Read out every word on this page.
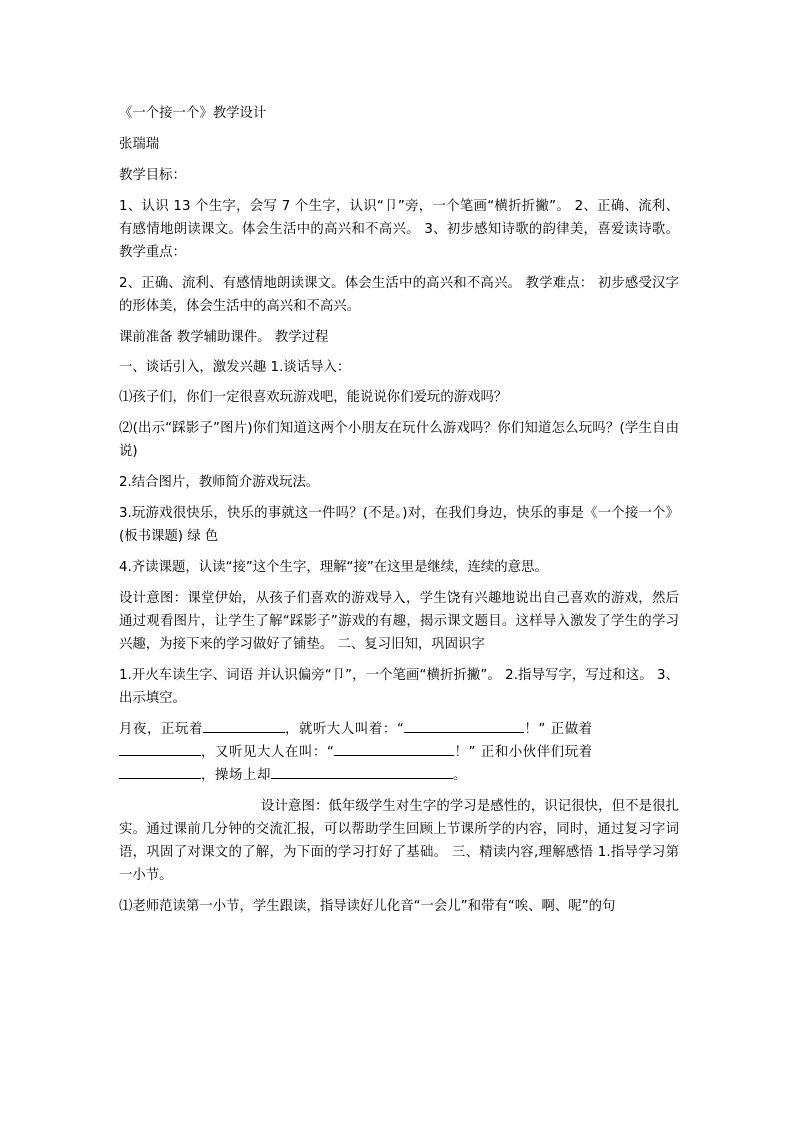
《一个接一个》教学设计
张瑞瑞
教学目标：
1、认识 13 个生字，会写 7 个生字，认识“卩”旁，一个笔画“横折折撇”。 2、正确、流利、有感情地朗读课文。体会生活中的高兴和不高兴。 3、初步感知诗歌的韵律美，喜爱读诗歌。 教学重点：
2、正确、流利、有感情地朗读课文。体会生活中的高兴和不高兴。 教学难点： 初步感受汉字的形体美，体会生活中的高兴和不高兴。
课前准备 教学辅助课件。 教学过程
一、谈话引入，激发兴趣 1.谈话导入：
⑴孩子们，你们一定很喜欢玩游戏吧，能说说你们爱玩的游戏吗？
⑵(出示“踩影子”图片)你们知道这两个小朋友在玩什么游戏吗？你们知道怎么玩吗？(学生自由说)
2.结合图片，教师简介游戏玩法。
3.玩游戏很快乐，快乐的事就这一件吗？(不是。)对，在我们身边，快乐的事是《一个接一个》 (板书课题) 绿 色
4.齐读课题，认读“接”这个生字，理解“接”在这里是继续，连续的意思。
设计意图：课堂伊始，从孩子们喜欢的游戏导入，学生饶有兴趣地说出自己喜欢的游戏，然后通过观看图片，让学生了解“踩影子”游戏的有趣，揭示课文题目。这样导入激发了学生的学习兴趣，为接下来的学习做好了铺垫。 二、复习旧知，巩固识字
1.开火车读生字、词语 并认识偏旁“卩”，一个笔画“横折折撇”。 2.指导写字，写过和这。 3、出示填空。
月夜，正玩着	，就听大人叫着：“	！” 正做着
，又听见大人在叫：“	！” 正和小伙伴们玩着
，操场上却	。
设计意图：低年级学生对生字的学习是感性的，识记很快，但不是很扎实。通过课前几分钟的交流汇报，可以帮助学生回顾上节课所学的内容，同时，通过复习字词语，巩固了对课文的了解，为下面的学习打好了基础。 三、精读内容,理解感悟 1.指导学习第一小节。
⑴老师范读第一小节，学生跟读，指导读好儿化音“一会儿”和带有“唉、啊、呢”的句
